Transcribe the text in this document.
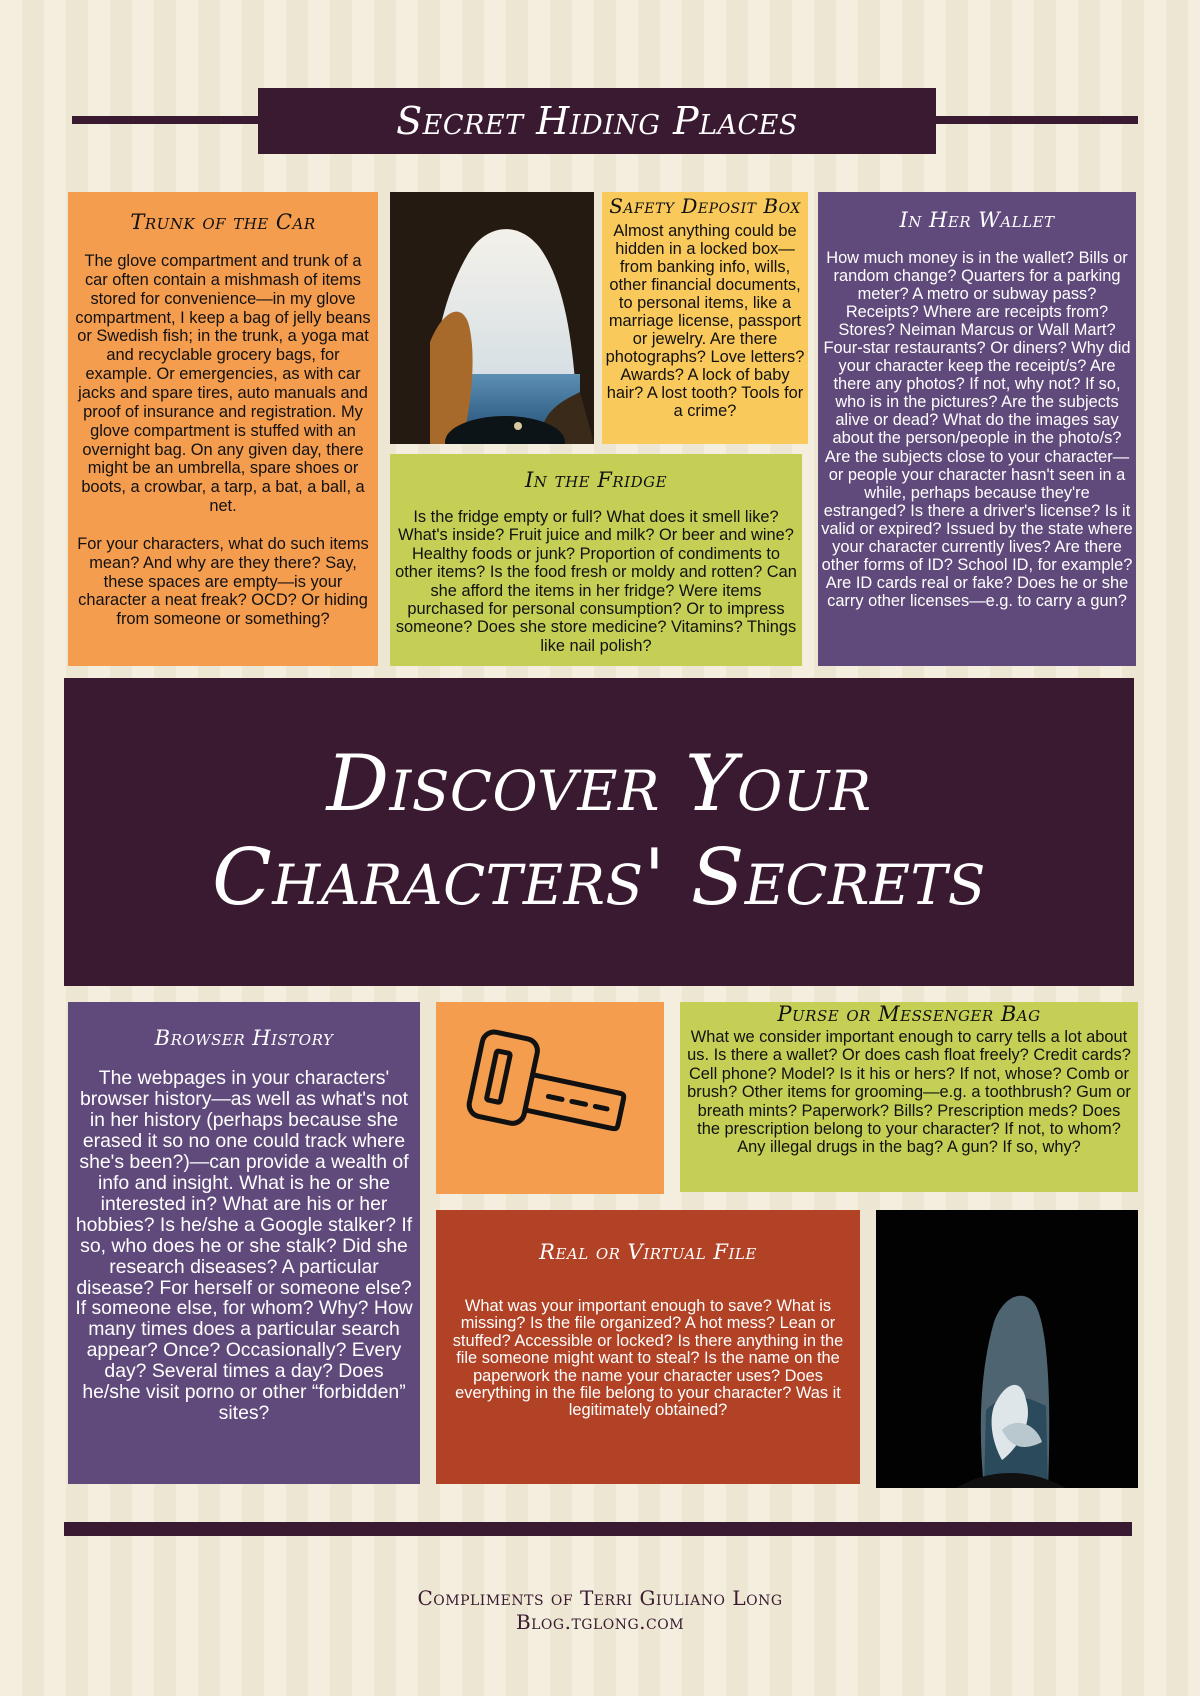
Secret Hiding Places
Trunk of the Car

The glove compartment and trunk of a car often contain a mishmash of items stored for convenience—in my glove compartment, I keep a bag of jelly beans or Swedish fish; in the trunk, a yoga mat and recyclable grocery bags, for example. Or emergencies, as with car jacks and spare tires, auto manuals and proof of insurance and registration. My glove compartment is stuffed with an overnight bag. On any given day, there might be an umbrella, spare shoes or boots, a crowbar, a tarp, a bat, a ball, a net.

For your characters, what do such items mean? And why are they there? Say, these spaces are empty—is your character a neat freak? OCD? Or hiding from someone or something?

Safety Deposit Box

Almost anything could be hidden in a locked box—from banking info, wills, other financial documents, to personal items, like a marriage license, passport or jewelry. Are there photographs? Love letters? Awards? A lock of baby hair? A lost tooth? Tools for a crime?

In the Fridge

Is the fridge empty or full? What does it smell like? What's inside? Fruit juice and milk? Or beer and wine? Healthy foods or junk? Proportion of condiments to other items? Is the food fresh or moldy and rotten? Can she afford the items in her fridge? Were items purchased for personal consumption? Or to impress someone? Does she store medicine? Vitamins? Things like nail polish?

In Her Wallet

How much money is in the wallet? Bills or random change? Quarters for a parking meter? A metro or subway pass? Receipts? Where are receipts from? Stores? Neiman Marcus or Wall Mart? Four-star restaurants? Or diners? Why did your character keep the receipt/s? Are there any photos? If not, why not? If so, who is in the pictures? Are the subjects alive or dead? What do the images say about the person/people in the photo/s? Are the subjects close to your character—or people your character hasn't seen in a while, perhaps because they're estranged? Is there a driver's license? Is it valid or expired? Issued by the state where your character currently lives? Are there other forms of ID? School ID, for example? Are ID cards real or fake? Does he or she carry other licenses—e.g. to carry a gun?

Discover Your
Characters' Secrets
Browser History

The webpages in your characters' browser history—as well as what's not in her history (perhaps because she erased it so no one could track where she's been?)—can provide a wealth of info and insight. What is he or she interested in? What are his or her hobbies? Is he/she a Google stalker? If so, who does he or she stalk? Did she research diseases? A particular disease? For herself or someone else? If someone else, for whom? Why? How many times does a particular search appear? Once? Occasionally? Every day? Several times a day? Does he/she visit porno or other “forbidden” sites?

Purse or Messenger Bag

What we consider important enough to carry tells a lot about us. Is there a wallet? Or does cash float freely? Credit cards? Cell phone? Model? Is it his or hers? If not, whose? Comb or brush? Other items for grooming—e.g. a toothbrush? Gum or breath mints? Paperwork? Bills? Prescription meds? Does the prescription belong to your character? If not, to whom? Any illegal drugs in the bag? A gun? If so, why?

Real or Virtual File

What was your important enough to save? What is missing? Is the file organized? A hot mess? Lean or stuffed? Accessible or locked? Is there anything in the file someone might want to steal? Is the name on the paperwork the name your character uses? Does everything in the file belong to your character? Was it legitimately obtained?

Compliments of Terri Giuliano Long
Blog.tglong.com
